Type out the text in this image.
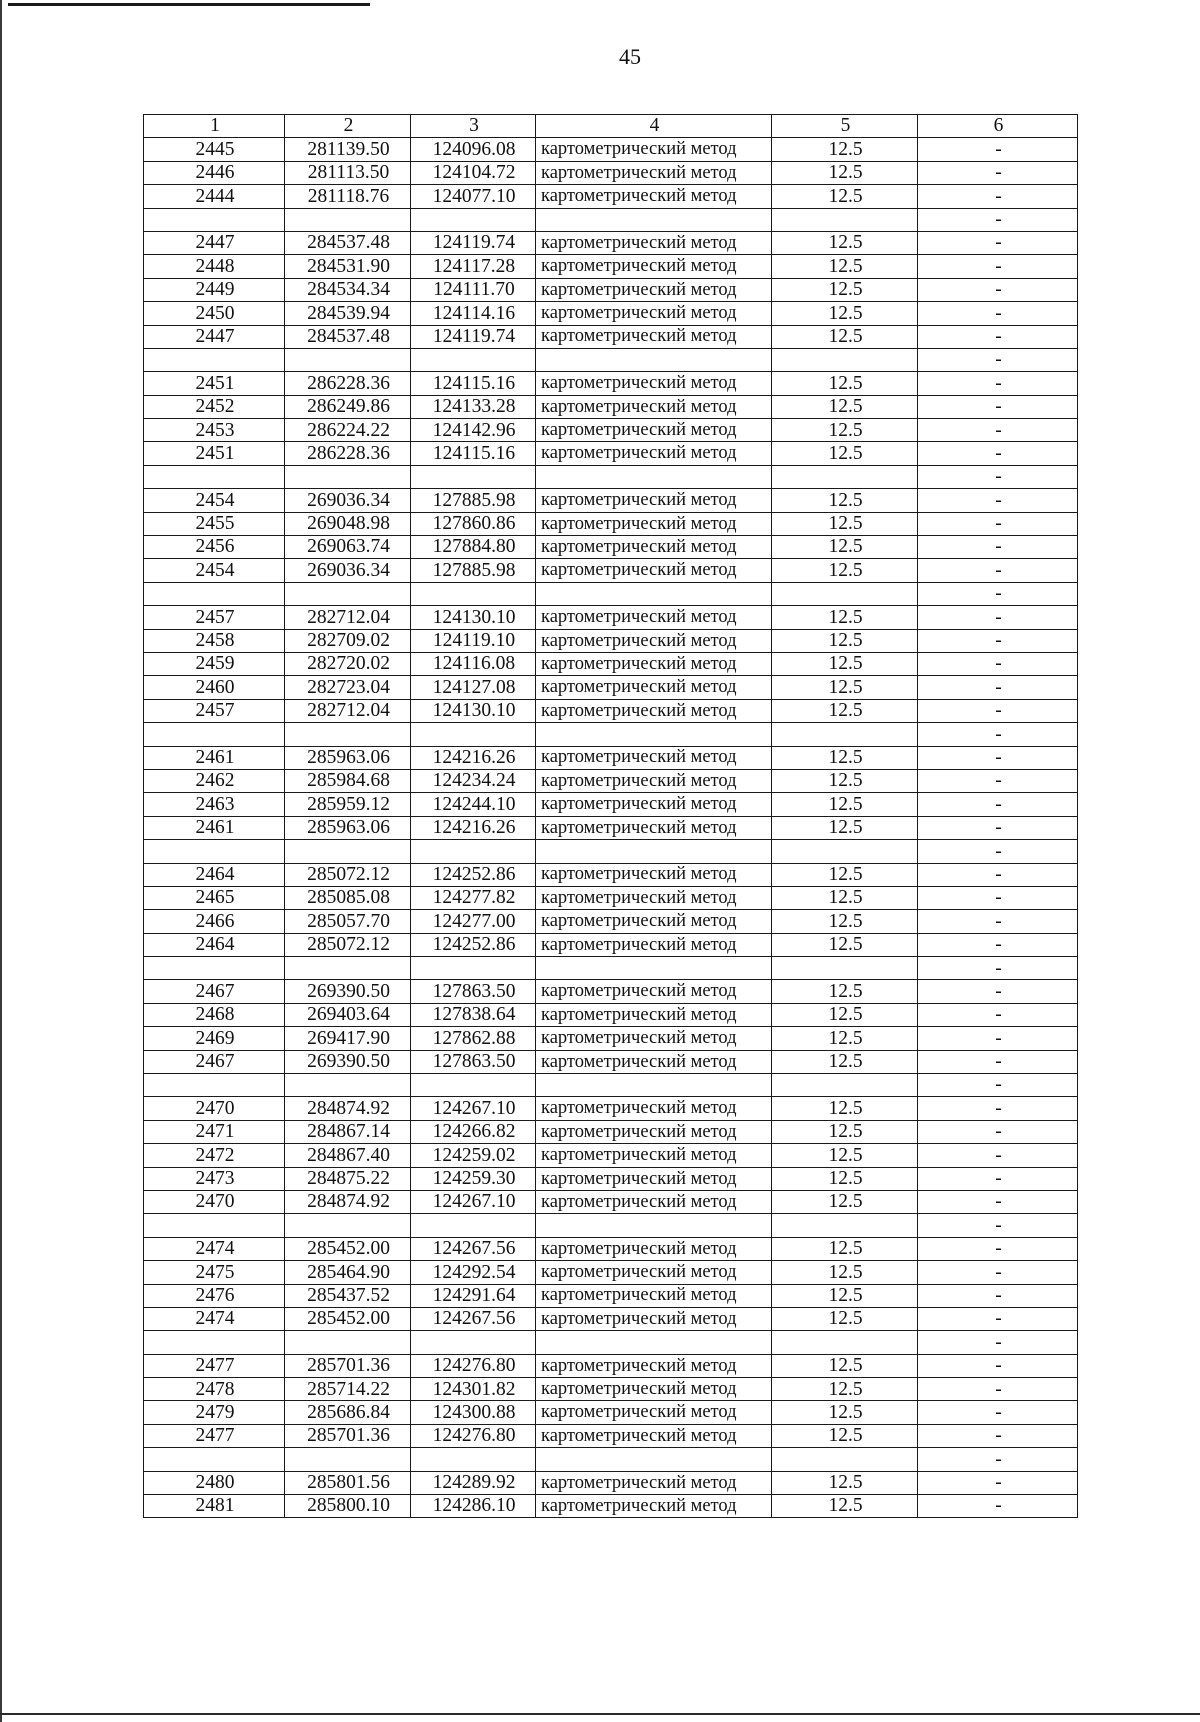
45
1	2	3	4	5	6
2445	281139.50	124096.08	картометрический метод	12.5	-
2446	281113.50	124104.72	картометрический метод	12.5	-
2444	281118.76	124077.10	картометрический метод	12.5	-
					-
2447	284537.48	124119.74	картометрический метод	12.5	-
2448	284531.90	124117.28	картометрический метод	12.5	-
2449	284534.34	124111.70	картометрический метод	12.5	-
2450	284539.94	124114.16	картометрический метод	12.5	-
2447	284537.48	124119.74	картометрический метод	12.5	-
					-
2451	286228.36	124115.16	картометрический метод	12.5	-
2452	286249.86	124133.28	картометрический метод	12.5	-
2453	286224.22	124142.96	картометрический метод	12.5	-
2451	286228.36	124115.16	картометрический метод	12.5	-
					-
2454	269036.34	127885.98	картометрический метод	12.5	-
2455	269048.98	127860.86	картометрический метод	12.5	-
2456	269063.74	127884.80	картометрический метод	12.5	-
2454	269036.34	127885.98	картометрический метод	12.5	-
					-
2457	282712.04	124130.10	картометрический метод	12.5	-
2458	282709.02	124119.10	картометрический метод	12.5	-
2459	282720.02	124116.08	картометрический метод	12.5	-
2460	282723.04	124127.08	картометрический метод	12.5	-
2457	282712.04	124130.10	картометрический метод	12.5	-
					-
2461	285963.06	124216.26	картометрический метод	12.5	-
2462	285984.68	124234.24	картометрический метод	12.5	-
2463	285959.12	124244.10	картометрический метод	12.5	-
2461	285963.06	124216.26	картометрический метод	12.5	-
					-
2464	285072.12	124252.86	картометрический метод	12.5	-
2465	285085.08	124277.82	картометрический метод	12.5	-
2466	285057.70	124277.00	картометрический метод	12.5	-
2464	285072.12	124252.86	картометрический метод	12.5	-
					-
2467	269390.50	127863.50	картометрический метод	12.5	-
2468	269403.64	127838.64	картометрический метод	12.5	-
2469	269417.90	127862.88	картометрический метод	12.5	-
2467	269390.50	127863.50	картометрический метод	12.5	-
					-
2470	284874.92	124267.10	картометрический метод	12.5	-
2471	284867.14	124266.82	картометрический метод	12.5	-
2472	284867.40	124259.02	картометрический метод	12.5	-
2473	284875.22	124259.30	картометрический метод	12.5	-
2470	284874.92	124267.10	картометрический метод	12.5	-
					-
2474	285452.00	124267.56	картометрический метод	12.5	-
2475	285464.90	124292.54	картометрический метод	12.5	-
2476	285437.52	124291.64	картометрический метод	12.5	-
2474	285452.00	124267.56	картометрический метод	12.5	-
					-
2477	285701.36	124276.80	картометрический метод	12.5	-
2478	285714.22	124301.82	картометрический метод	12.5	-
2479	285686.84	124300.88	картометрический метод	12.5	-
2477	285701.36	124276.80	картометрический метод	12.5	-
					-
2480	285801.56	124289.92	картометрический метод	12.5	-
2481	285800.10	124286.10	картометрический метод	12.5	-
